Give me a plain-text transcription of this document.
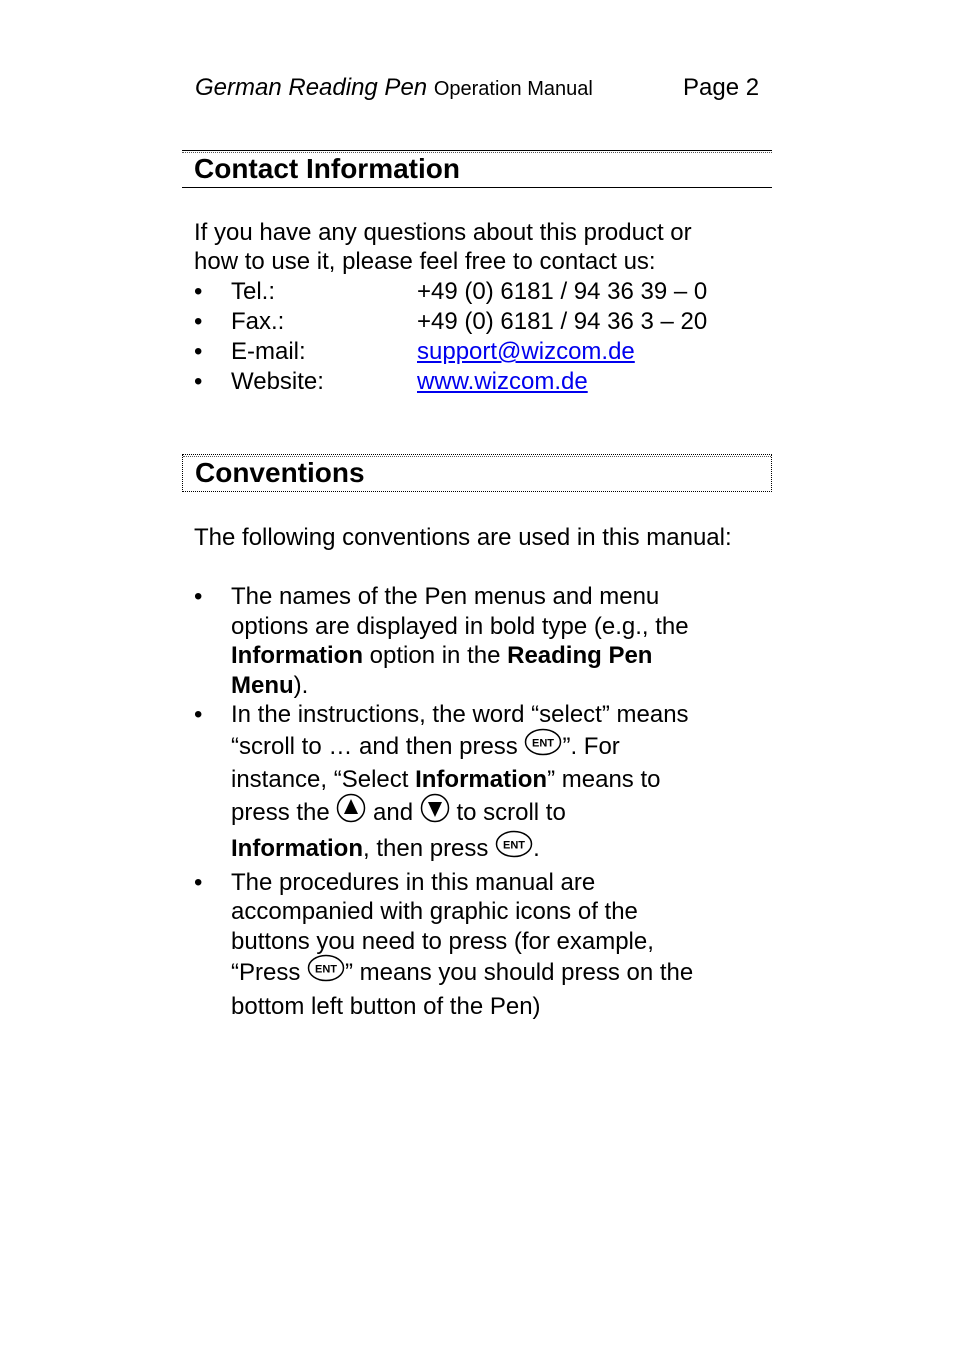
German Reading Pen Operation Manual	Page 2
Contact Information
If you have any questions about this product or
how to use it, please feel free to contact us:
• Tel.:	+49 (0) 6181 / 94 36 39 – 0
• Fax.:	+49 (0) 6181 / 94 36 3 – 20
• E-mail:	support@wizcom.de
• Website:	www.wizcom.de
Conventions
The following conventions are used in this manual:
• The names of the Pen menus and menu
options are displayed in bold type (e.g., the
Information option in the Reading Pen
Menu).
• In the instructions, the word “select” means
“scroll to … and then press ENT ”. For
instance, “Select Information” means to
press the  and  to scroll to
Information, then press ENT .
• The procedures in this manual are
accompanied with graphic icons of the
buttons you need to press (for example,
“Press ENT ” means you should press on the
bottom left button of the Pen)
